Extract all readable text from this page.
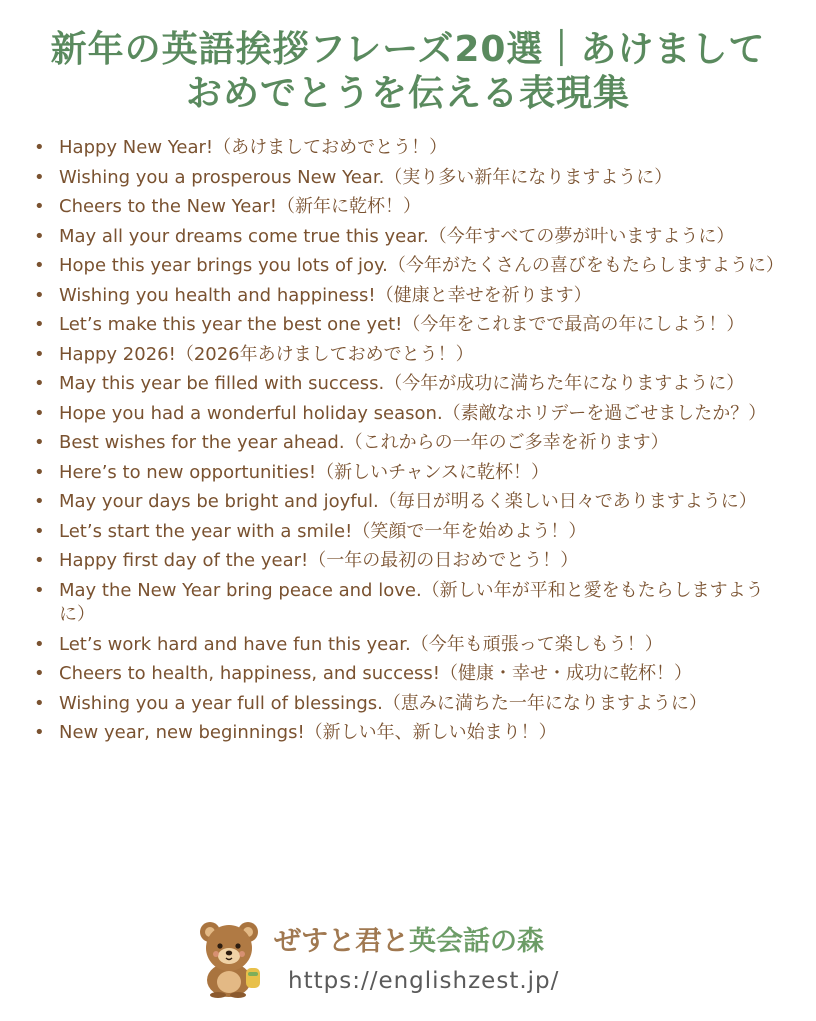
新年の英語挨拶フレーズ20選｜あけまして
おめでとうを伝える表現集
• Happy New Year!（あけましておめでとう！）
• Wishing you a prosperous New Year.（実り多い新年になりますように）
• Cheers to the New Year!（新年に乾杯！）
• May all your dreams come true this year.（今年すべての夢が叶いますように）
• Hope this year brings you lots of joy.（今年がたくさんの喜びをもたらしますように）
• Wishing you health and happiness!（健康と幸せを祈ります）
• Let’s make this year the best one yet!（今年をこれまでで最高の年にしよう！）
• Happy 2026!（2026年あけましておめでとう！）
• May this year be filled with success.（今年が成功に満ちた年になりますように）
• Hope you had a wonderful holiday season.（素敵なホリデーを過ごせましたか？）
• Best wishes for the year ahead.（これからの一年のご多幸を祈ります）
• Here’s to new opportunities!（新しいチャンスに乾杯！）
• May your days be bright and joyful.（毎日が明るく楽しい日々でありますように）
• Let’s start the year with a smile!（笑顔で一年を始めよう！）
• Happy first day of the year!（一年の最初の日おめでとう！）
• May the New Year bring peace and love.（新しい年が平和と愛をもたらしますように）
• Let’s work hard and have fun this year.（今年も頑張って楽しもう！）
• Cheers to health, happiness, and success!（健康・幸せ・成功に乾杯！）
• Wishing you a year full of blessings.（恵みに満ちた一年になりますように）
• New year, new beginnings!（新しい年、新しい始まり！）
ぜすと君と英会話の森
https://englishzest.jp/
